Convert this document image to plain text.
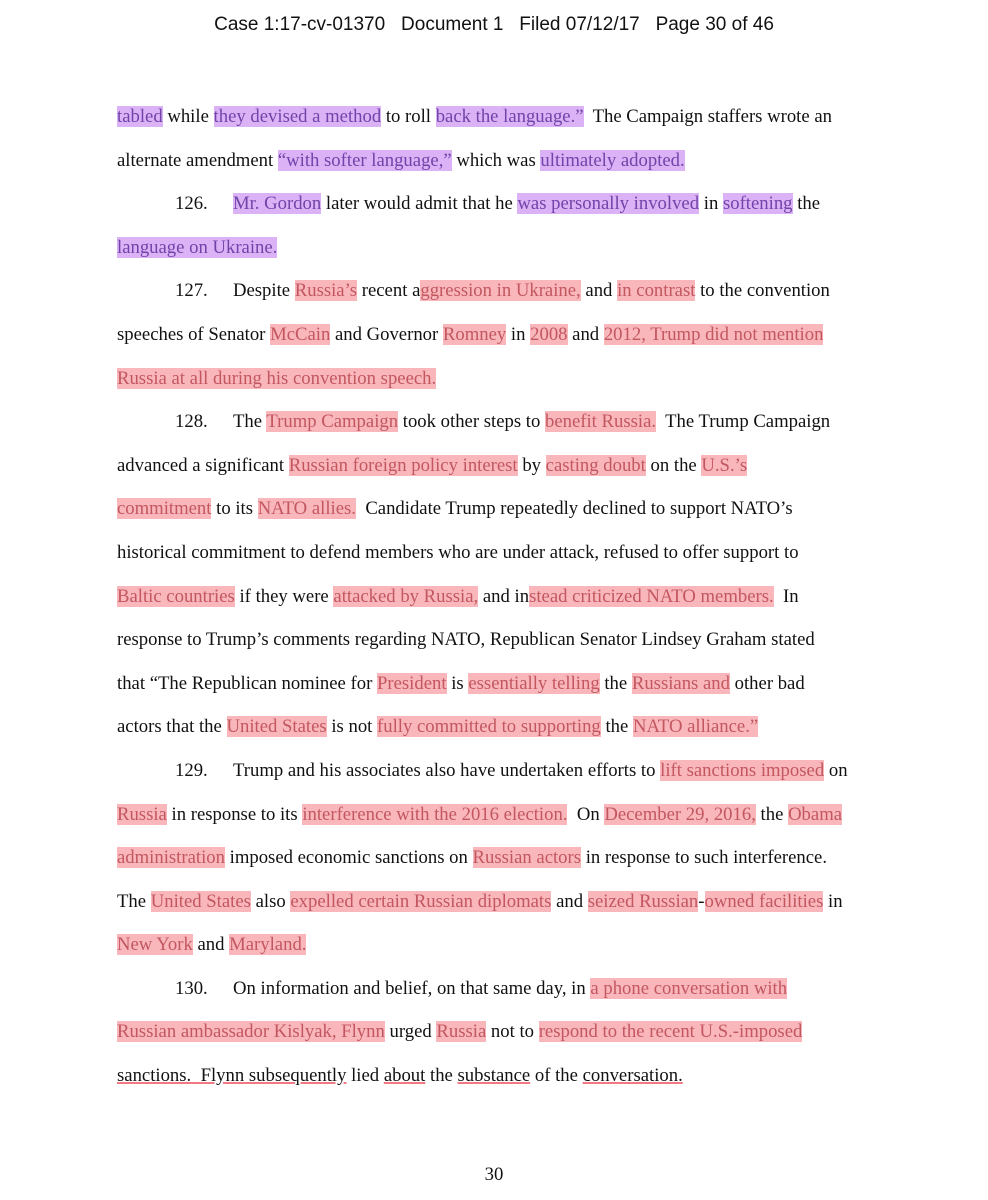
Case 1:17-cv-01370   Document 1   Filed 07/12/17   Page 30 of 46
tabled while they devised a method to roll back the language.”  The Campaign staffers wrote an
alternate amendment “with softer language,” which was ultimately adopted.
126. Mr. Gordon later would admit that he was personally involved in softening the
language on Ukraine.
127. Despite Russia’s recent aggression in Ukraine, and in contrast to the convention
speeches of Senator McCain and Governor Romney in 2008 and 2012, Trump did not mention
Russia at all during his convention speech.
128. The Trump Campaign took other steps to benefit Russia.  The Trump Campaign
advanced a significant Russian foreign policy interest by casting doubt on the U.S.’s
commitment to its NATO allies.  Candidate Trump repeatedly declined to support NATO’s
historical commitment to defend members who are under attack, refused to offer support to
Baltic countries if they were attacked by Russia, and instead criticized NATO members.  In
response to Trump’s comments regarding NATO, Republican Senator Lindsey Graham stated
that “The Republican nominee for President is essentially telling the Russians and other bad
actors that the United States is not fully committed to supporting the NATO alliance.”
129. Trump and his associates also have undertaken efforts to lift sanctions imposed on
Russia in response to its interference with the 2016 election.  On December 29, 2016, the Obama
administration imposed economic sanctions on Russian actors in response to such interference.
The United States also expelled certain Russian diplomats and seized Russian-owned facilities in
New York and Maryland.
130. On information and belief, on that same day, in a phone conversation with
Russian ambassador Kislyak, Flynn urged Russia not to respond to the recent U.S.-imposed
sanctions.  Flynn subsequently lied about the substance of the conversation.
30
